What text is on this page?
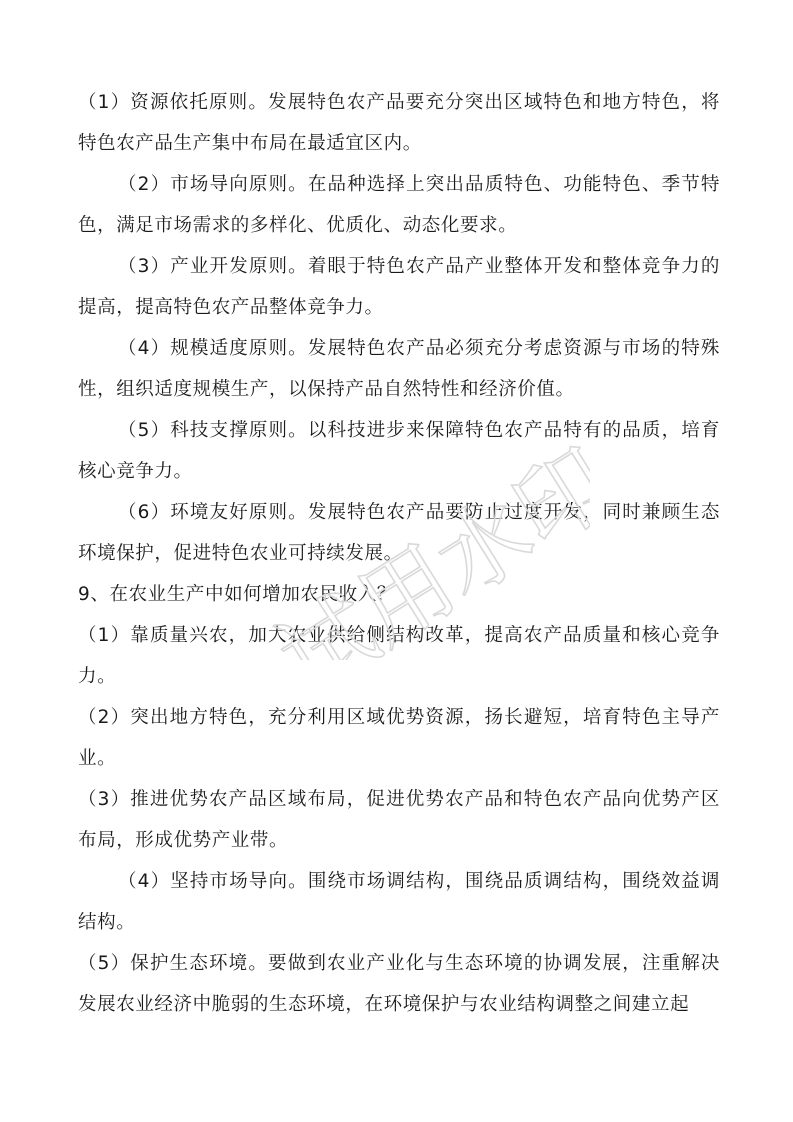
（1）资源依托原则。发展特色农产品要充分突出区域特色和地方特色，将特色农产品生产集中布局在最适宜区内。

（2）市场导向原则。在品种选择上突出品质特色、功能特色、季节特色，满足市场需求的多样化、优质化、动态化要求。

（3）产业开发原则。着眼于特色农产品产业整体开发和整体竞争力的提高，提高特色农产品整体竞争力。

（4）规模适度原则。发展特色农产品必须充分考虑资源与市场的特殊性，组织适度规模生产，以保持产品自然特性和经济价值。

（5）科技支撑原则。以科技进步来保障特色农产品特有的品质，培育核心竞争力。

（6）环境友好原则。发展特色农产品要防止过度开发，同时兼顾生态环境保护，促进特色农业可持续发展。

9、在农业生产中如何增加农民收入？

（1）靠质量兴农，加大农业供给侧结构改革，提高农产品质量和核心竞争力。

（2）突出地方特色，充分利用区域优势资源，扬长避短，培育特色主导产业。

（3）推进优势农产品区域布局，促进优势农产品和特色农产品向优势产区布局，形成优势产业带。

（4）坚持市场导向。围绕市场调结构，围绕品质调结构，围绕效益调结构。

（5）保护生态环境。要做到农业产业化与生态环境的协调发展，注重解决发展农业经济中脆弱的生态环境，在环境保护与农业结构调整之间建立起

试用水印
